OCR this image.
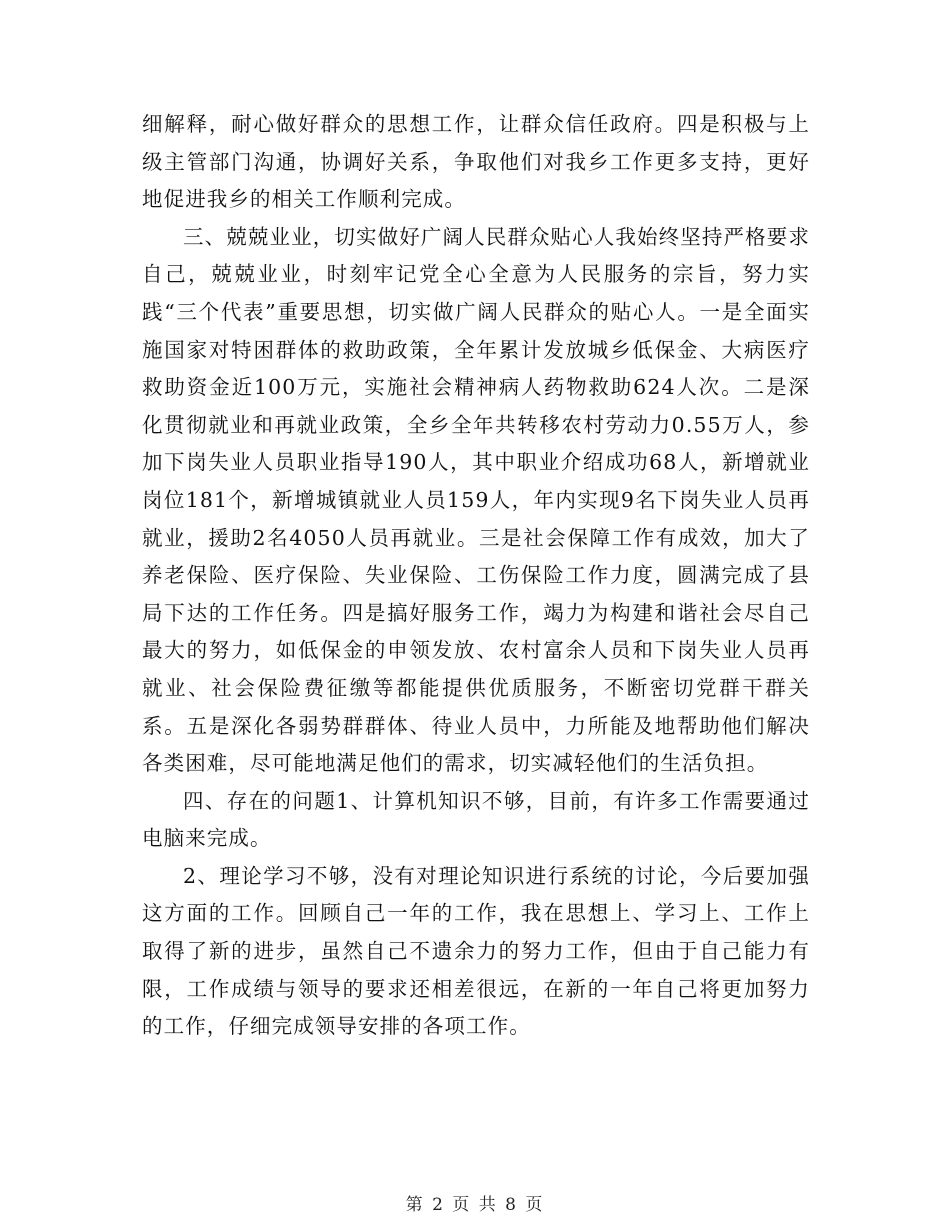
细解释，耐心做好群众的思想工作，让群众信任政府。四是积极与上级主管部门沟通，协调好关系，争取他们对我乡工作更多支持，更好地促进我乡的相关工作顺利完成。

三、兢兢业业，切实做好广阔人民群众贴心人我始终坚持严格要求自己，兢兢业业，时刻牢记党全心全意为人民服务的宗旨，努力实践“三个代表”重要思想，切实做广阔人民群众的贴心人。一是全面实施国家对特困群体的救助政策，全年累计发放城乡低保金、大病医疗救助资金近100万元，实施社会精神病人药物救助624人次。二是深化贯彻就业和再就业政策，全乡全年共转移农村劳动力0.55万人，参加下岗失业人员职业指导190人，其中职业介绍成功68人，新增就业岗位181个，新增城镇就业人员159人，年内实现9名下岗失业人员再就业，援助2名4050人员再就业。三是社会保障工作有成效，加大了养老保险、医疗保险、失业保险、工伤保险工作力度，圆满完成了县局下达的工作任务。四是搞好服务工作，竭力为构建和谐社会尽自己最大的努力，如低保金的申领发放、农村富余人员和下岗失业人员再就业、社会保险费征缴等都能提供优质服务，不断密切党群干群关系。五是深化各弱势群群体、待业人员中，力所能及地帮助他们解决各类困难，尽可能地满足他们的需求，切实减轻他们的生活负担。

四、存在的问题1、计算机知识不够，目前，有许多工作需要通过电脑来完成。

2、理论学习不够，没有对理论知识进行系统的讨论，今后要加强这方面的工作。回顾自己一年的工作，我在思想上、学习上、工作上取得了新的进步，虽然自己不遗余力的努力工作，但由于自己能力有限，工作成绩与领导的要求还相差很远，在新的一年自己将更加努力的工作，仔细完成领导安排的各项工作。

第 2 页 共 8 页
